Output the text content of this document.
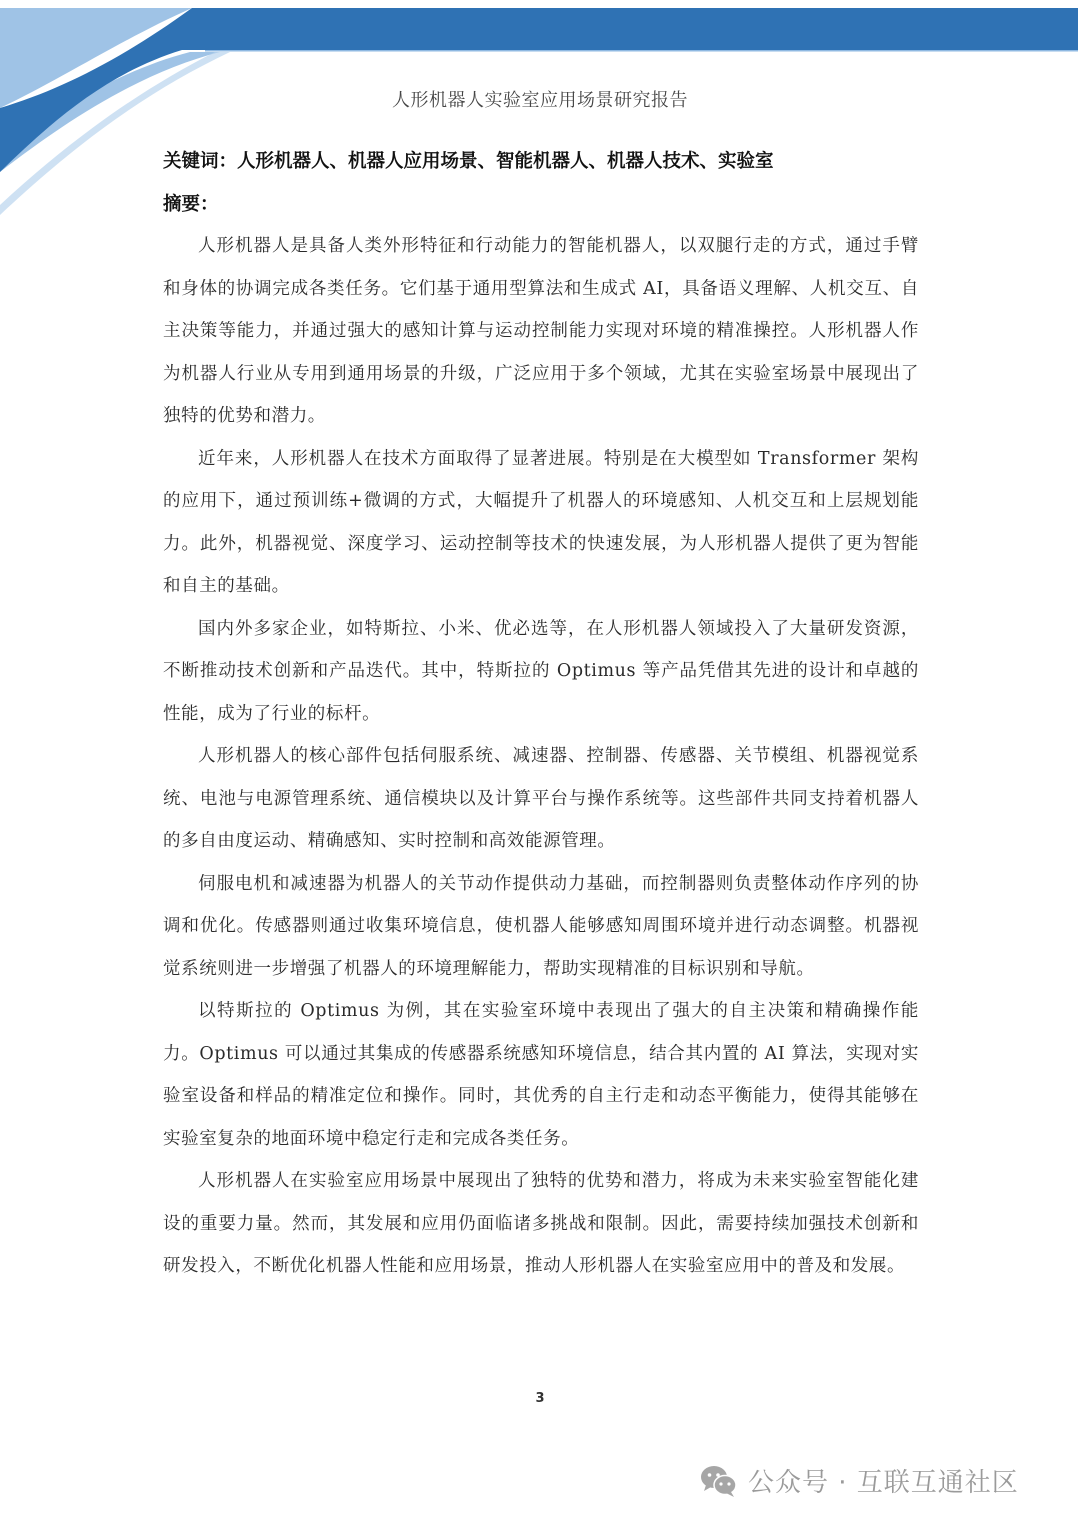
人形机器人实验室应用场景研究报告
关键词：人形机器人、机器人应用场景、智能机器人、机器人技术、实验室
摘要：

人形机器人是具备人类外形特征和行动能力的智能机器人，以双腿行走的方式，通过手臂和身体的协调完成各类任务。它们基于通用型算法和生成式 AI，具备语义理解、人机交互、自主决策等能力，并通过强大的感知计算与运动控制能力实现对环境的精准操控。人形机器人作为机器人行业从专用到通用场景的升级，广泛应用于多个领域，尤其在实验室场景中展现出了独特的优势和潜力。

近年来，人形机器人在技术方面取得了显著进展。特别是在大模型如 Transformer 架构的应用下，通过预训练+微调的方式，大幅提升了机器人的环境感知、人机交互和上层规划能力。此外，机器视觉、深度学习、运动控制等技术的快速发展，为人形机器人提供了更为智能和自主的基础。

国内外多家企业，如特斯拉、小米、优必选等，在人形机器人领域投入了大量研发资源，不断推动技术创新和产品迭代。其中，特斯拉的 Optimus 等产品凭借其先进的设计和卓越的性能，成为了行业的标杆。

人形机器人的核心部件包括伺服系统、减速器、控制器、传感器、关节模组、机器视觉系统、电池与电源管理系统、通信模块以及计算平台与操作系统等。这些部件共同支持着机器人的多自由度运动、精确感知、实时控制和高效能源管理。

伺服电机和减速器为机器人的关节动作提供动力基础，而控制器则负责整体动作序列的协调和优化。传感器则通过收集环境信息，使机器人能够感知周围环境并进行动态调整。机器视觉系统则进一步增强了机器人的环境理解能力，帮助实现精准的目标识别和导航。

以特斯拉的 Optimus 为例，其在实验室环境中表现出了强大的自主决策和精确操作能力。Optimus 可以通过其集成的传感器系统感知环境信息，结合其内置的 AI 算法，实现对实验室设备和样品的精准定位和操作。同时，其优秀的自主行走和动态平衡能力，使得其能够在实验室复杂的地面环境中稳定行走和完成各类任务。

人形机器人在实验室应用场景中展现出了独特的优势和潜力，将成为未来实验室智能化建设的重要力量。然而，其发展和应用仍面临诸多挑战和限制。因此，需要持续加强技术创新和研发投入，不断优化机器人性能和应用场景，推动人形机器人在实验室应用中的普及和发展。

3
公众号 · 互联互通社区
